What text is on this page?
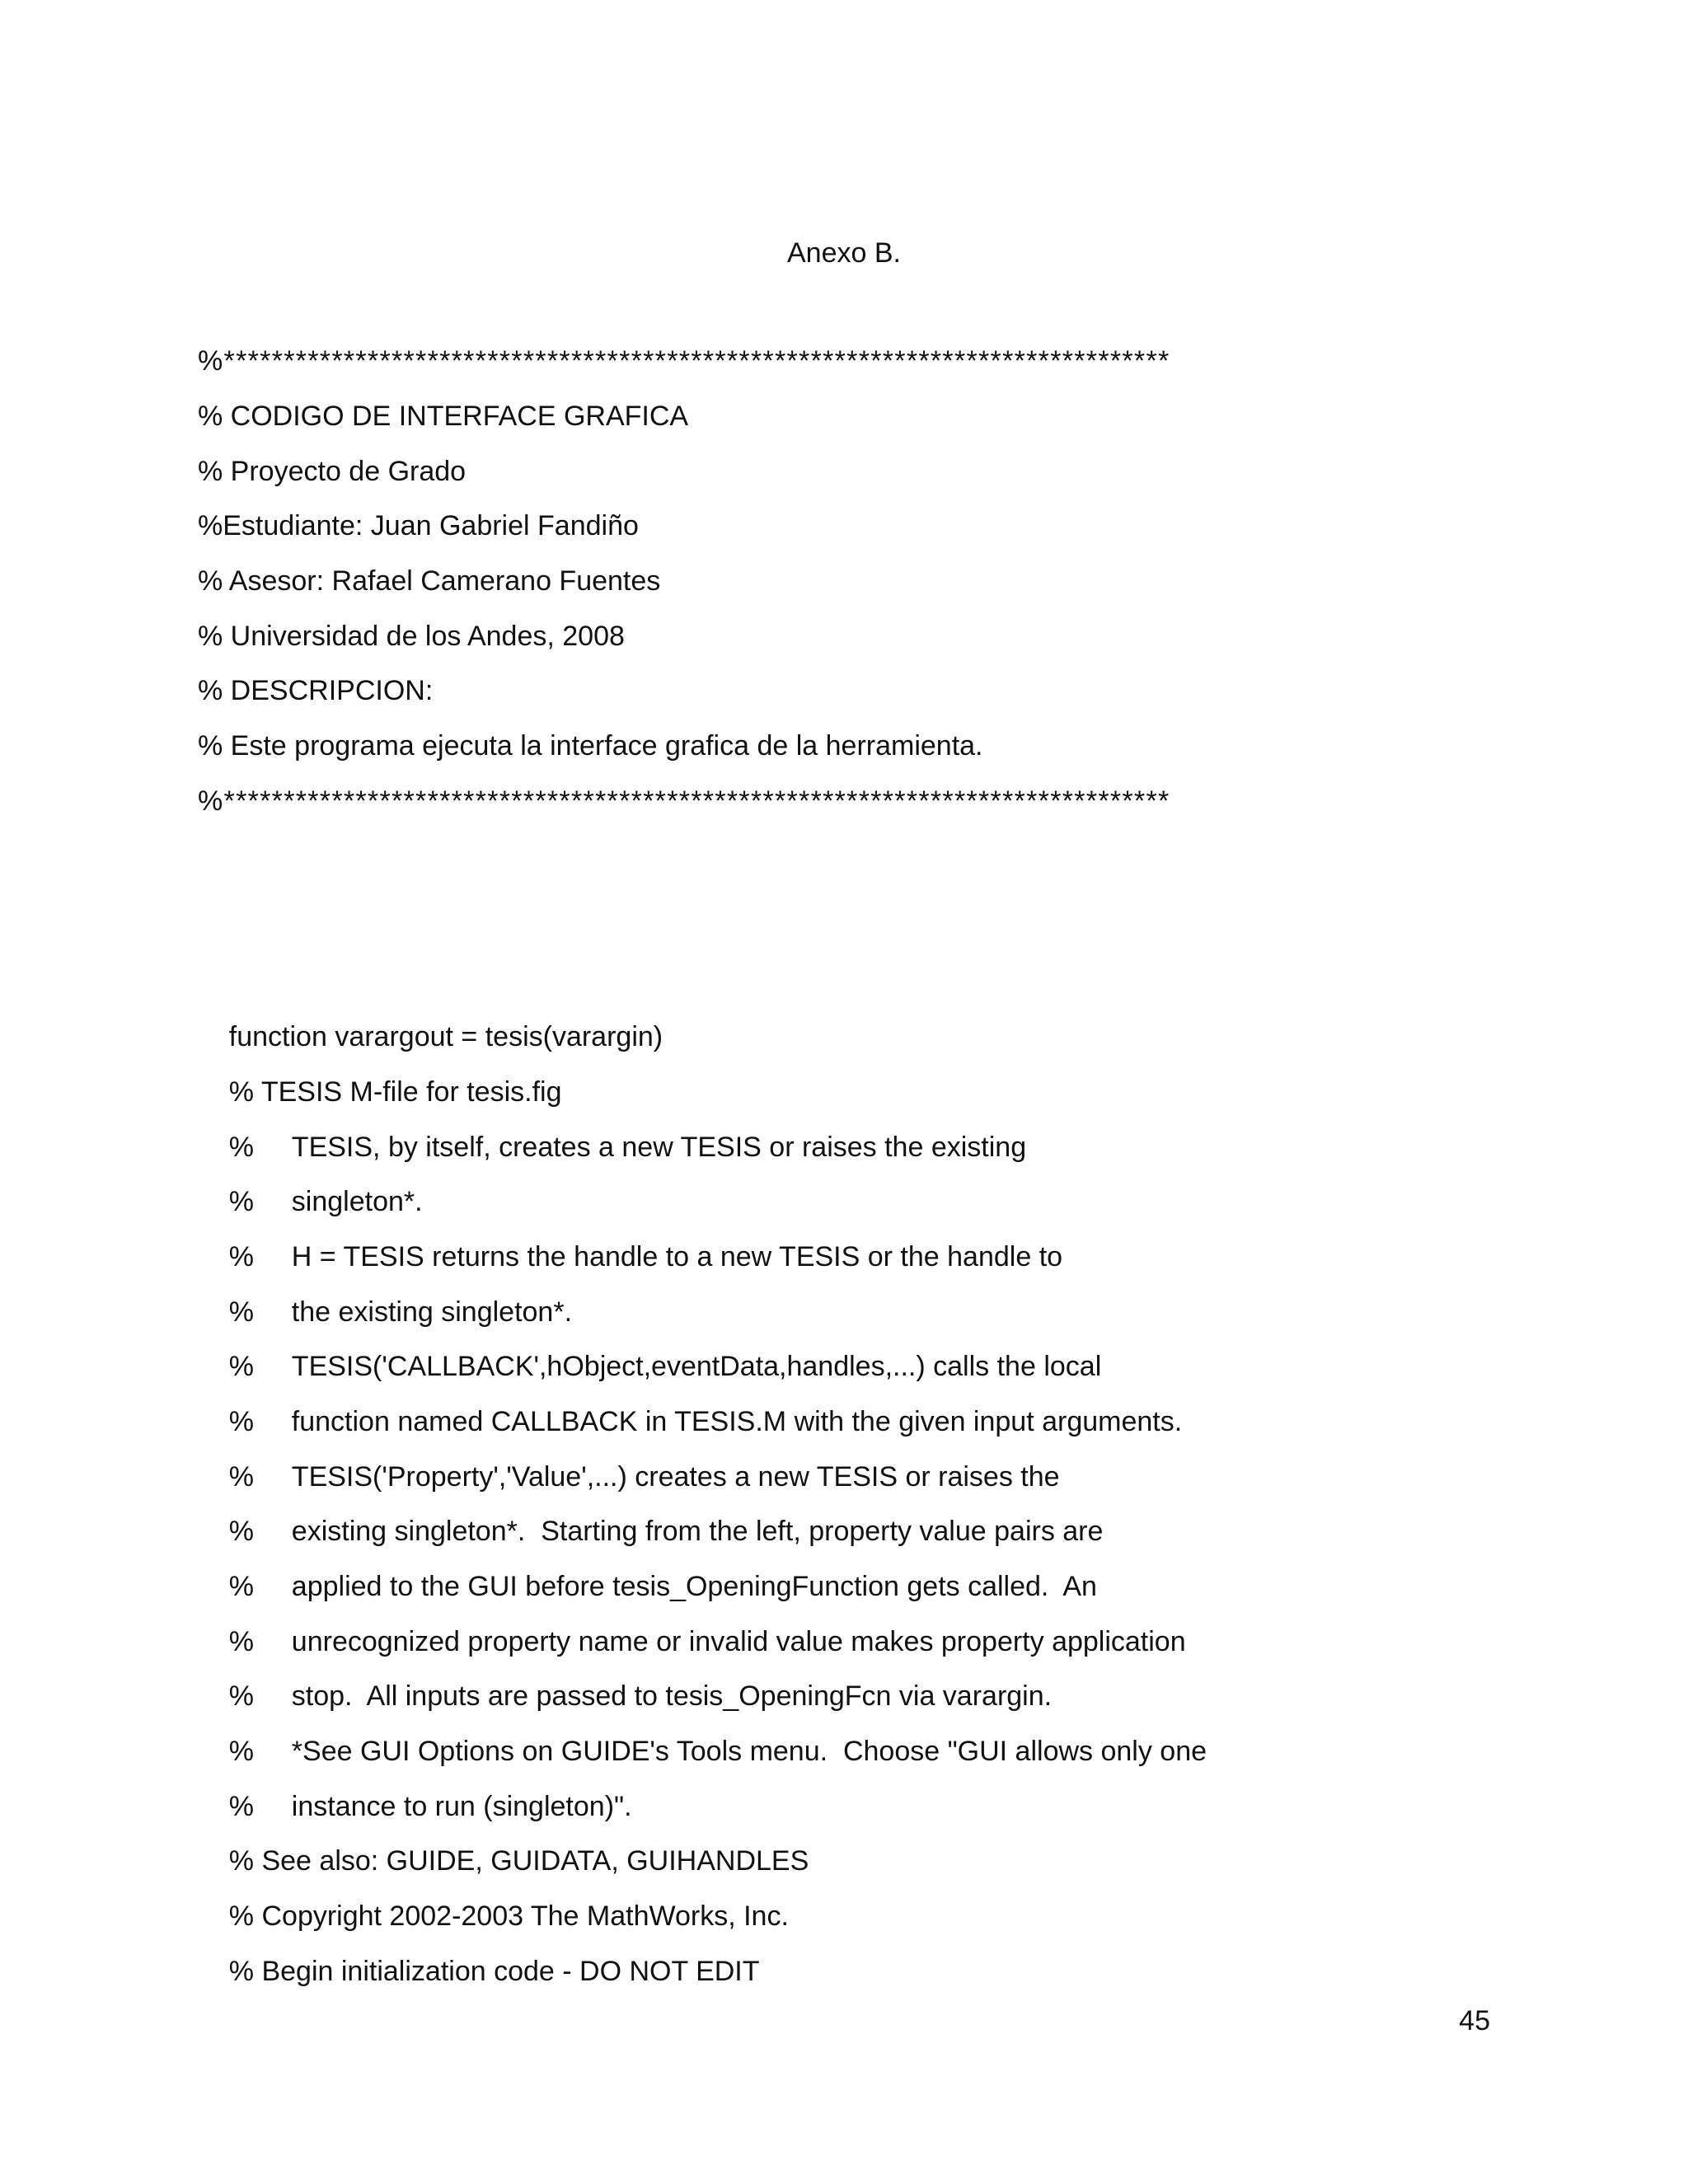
Anexo B.
%*******************************************************************************
% CODIGO DE INTERFACE GRAFICA
% Proyecto de Grado
%Estudiante: Juan Gabriel Fandiño
% Asesor: Rafael Camerano Fuentes
% Universidad de los Andes, 2008
% DESCRIPCION:
% Este programa ejecuta la interface grafica de la herramienta.
%*******************************************************************************

function varargout = tesis(varargin)

% TESIS M-file for tesis.fig

% TESIS, by itself, creates a new TESIS or raises the existing

% singleton*.

% H = TESIS returns the handle to a new TESIS or the handle to

% the existing singleton*.

% TESIS('CALLBACK',hObject,eventData,handles,...) calls the local

% function named CALLBACK in TESIS.M with the given input arguments.

% TESIS('Property','Value',...) creates a new TESIS or raises the

% existing singleton*.  Starting from the left, property value pairs are

% applied to the GUI before tesis_OpeningFunction gets called.  An

% unrecognized property name or invalid value makes property application

% stop.  All inputs are passed to tesis_OpeningFcn via varargin.

% *See GUI Options on GUIDE's Tools menu.  Choose "GUI allows only one

% instance to run (singleton)".

% See also: GUIDE, GUIDATA, GUIHANDLES

% Copyright 2002-2003 The MathWorks, Inc.

% Begin initialization code - DO NOT EDIT

45
